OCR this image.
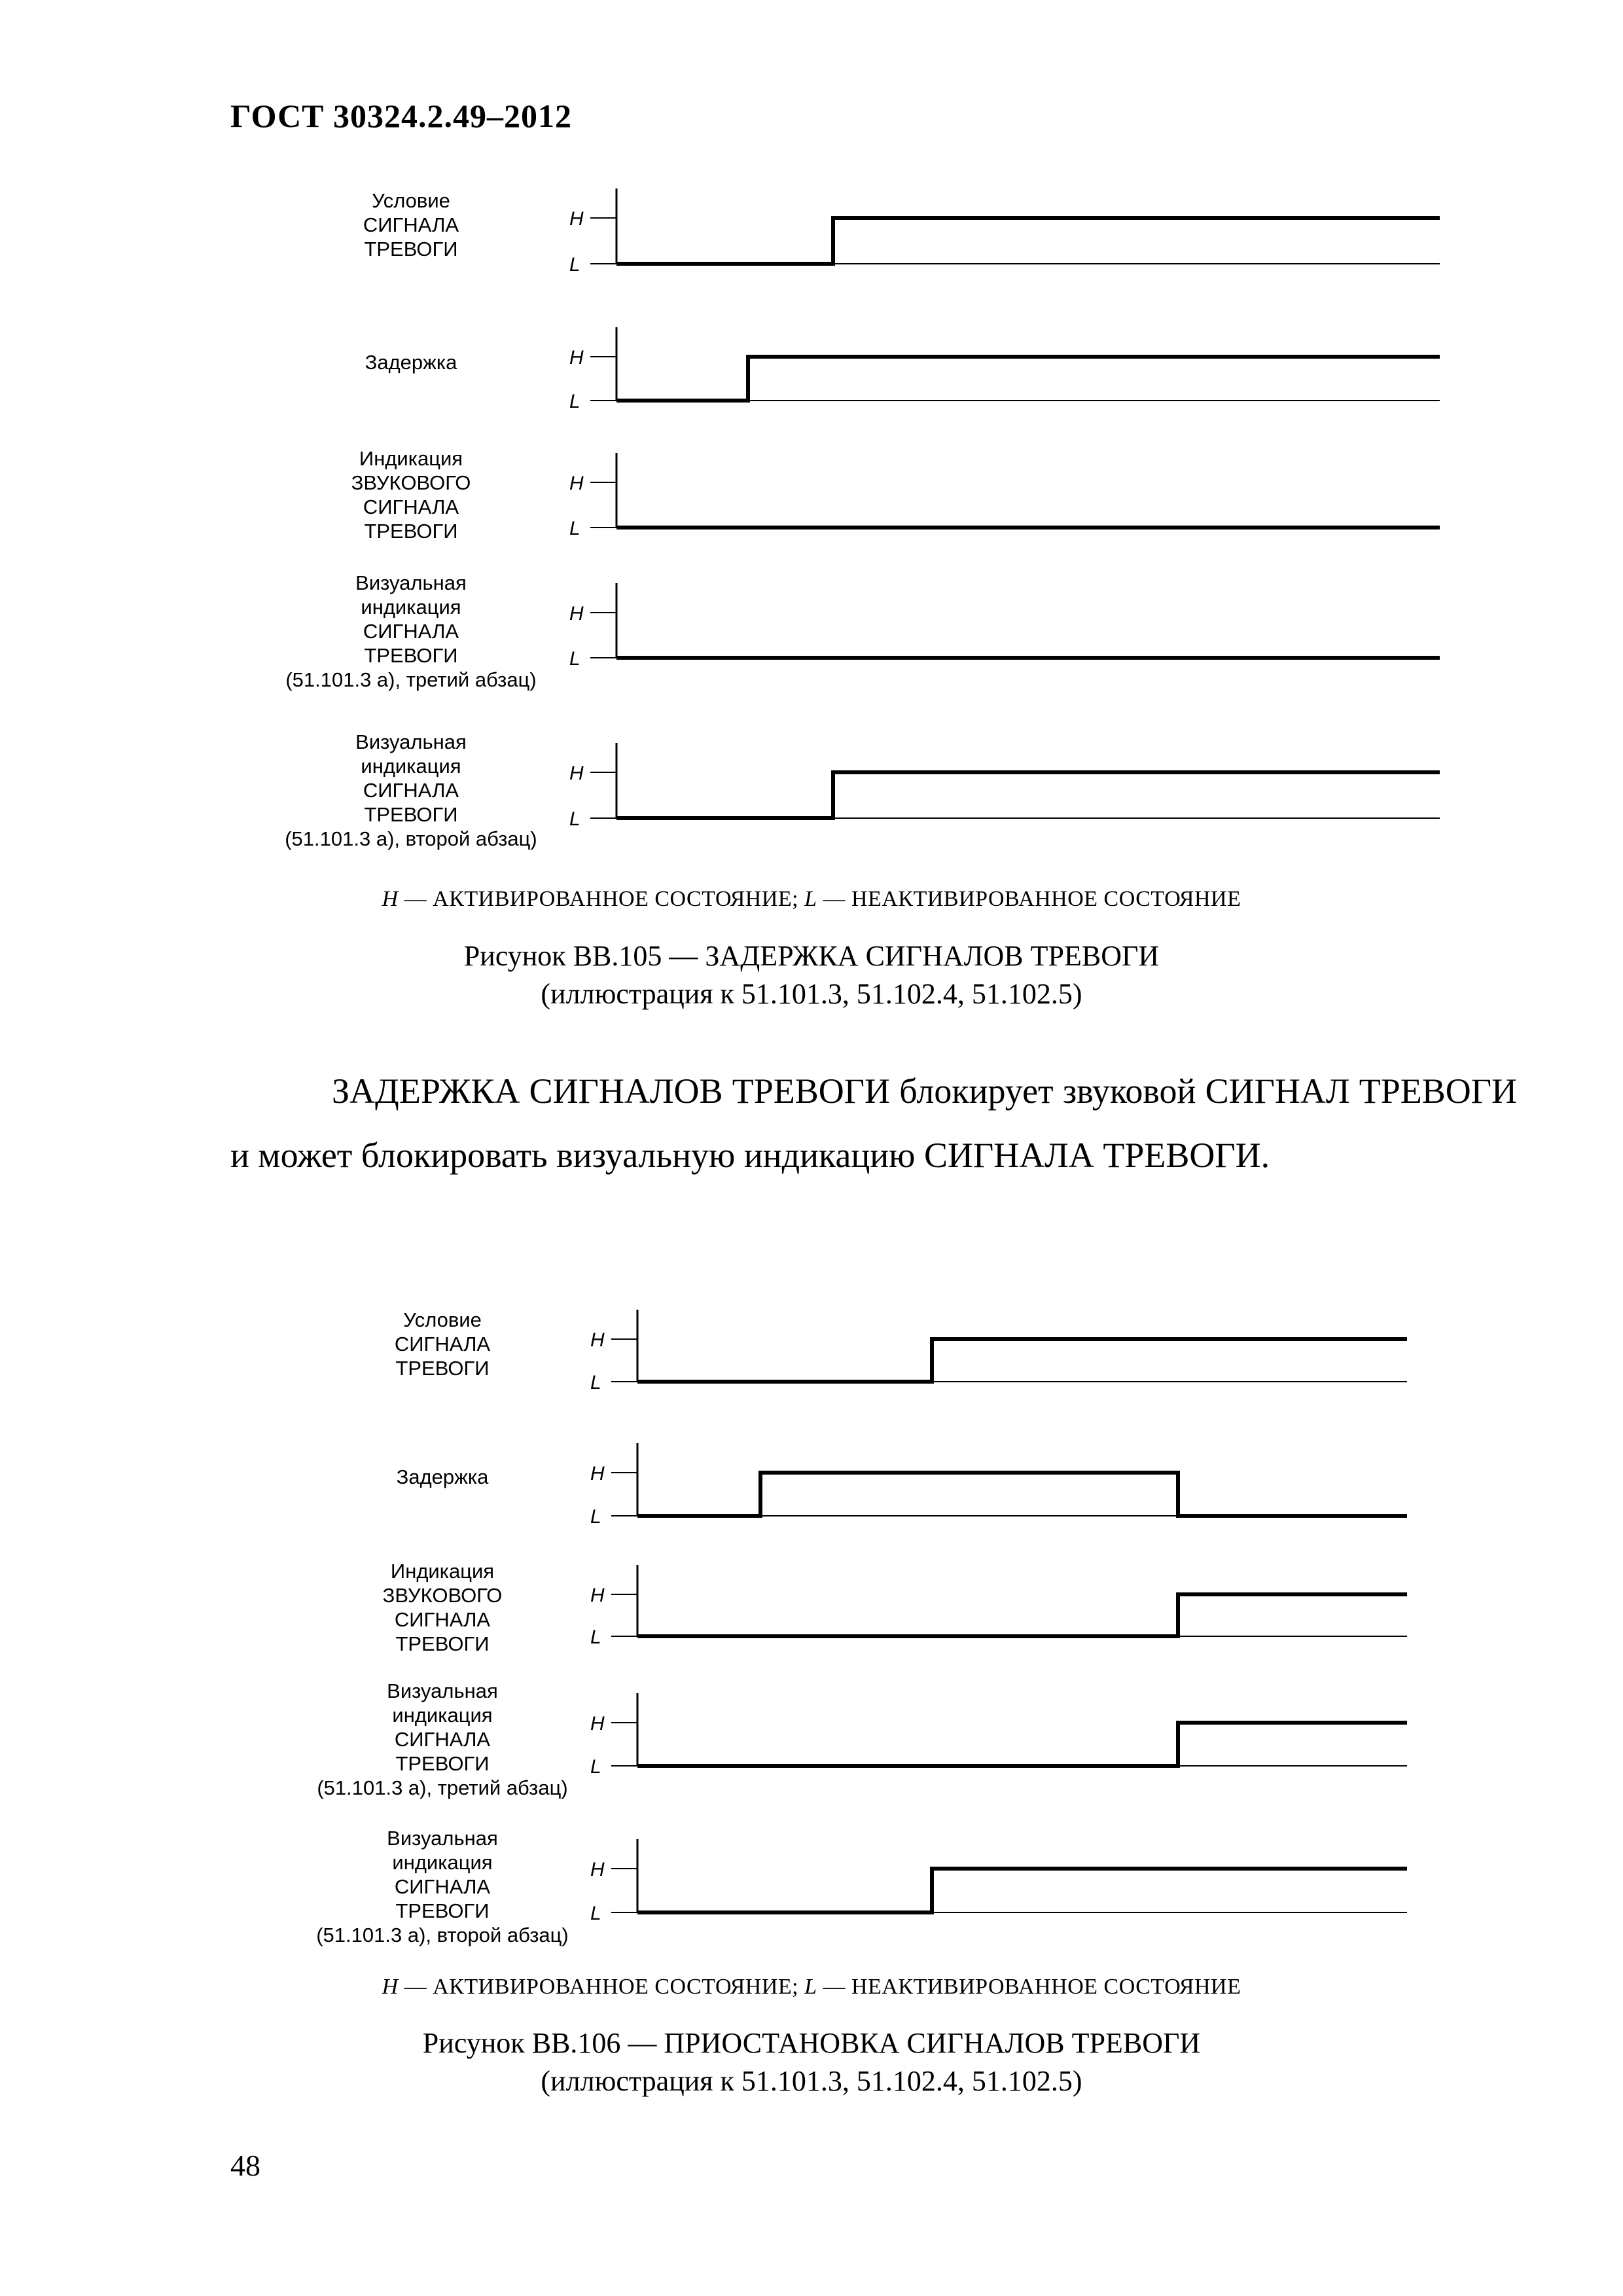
ГОСТ 30324.2.49–2012
Условие
СИГНАЛА
ТРЕВОГИ
H
L
Задержка	H
L
Индикация
ЗВУКОВОГО
СИГНАЛА
ТРЕВОГИ
H
L
Визуальная
индикация
СИГНАЛА
ТРЕВОГИ
(51.101.3 a), третий абзац)
H
L
Визуальная
индикация
СИГНАЛА
ТРЕВОГИ
(51.101.3 a), второй абзац)
H
L
H — АКТИВИРОВАННОЕ СОСТОЯНИЕ; L — НЕАКТИВИРОВАННОЕ СОСТОЯНИЕ
Рисунок ВВ.105 — ЗАДЕРЖКА СИГНАЛОВ ТРЕВОГИ
(иллюстрация к 51.101.3, 51.102.4, 51.102.5)
ЗАДЕРЖКА СИГНАЛОВ ТРЕВОГИ блокирует звуковой СИГНАЛ ТРЕВОГИ и может блокировать визуальную индикацию СИГНАЛА ТРЕВОГИ.
Условие
СИГНАЛА
ТРЕВОГИ
H
L
Задержка	H
L
Индикация
ЗВУКОВОГО
СИГНАЛА
ТРЕВОГИ
H
L
Визуальная
индикация
СИГНАЛА
ТРЕВОГИ
(51.101.3 a), третий абзац)
H
L
Визуальная
индикация
СИГНАЛА
ТРЕВОГИ
(51.101.3 a), второй абзац)
H
L
H — АКТИВИРОВАННОЕ СОСТОЯНИЕ; L — НЕАКТИВИРОВАННОЕ СОСТОЯНИЕ
Рисунок ВВ.106 — ПРИОСТАНОВКА СИГНАЛОВ ТРЕВОГИ
(иллюстрация к 51.101.3, 51.102.4, 51.102.5)
48
